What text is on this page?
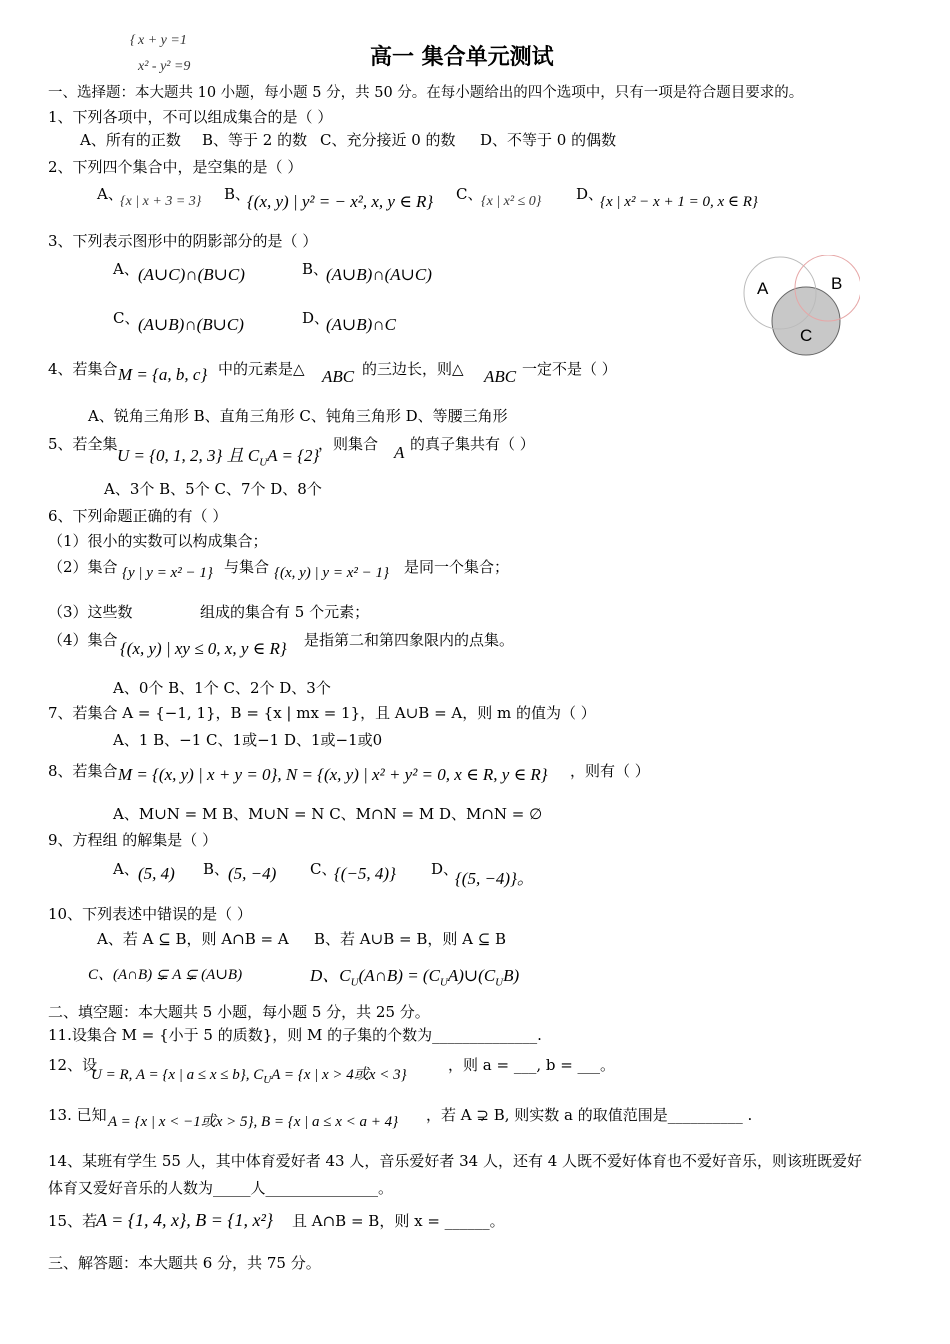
{ x + y =1
x² - y² =9	高一 集合单元测试
一、选择题：本大题共 10 小题，每小题 5 分，共 50 分。在每小题给出的四个选项中，只有一项是符合题目要求的。
1、下列各项中，不可以组成集合的是（ ）
A、所有的正数 B、等于 2 的数 C、充分接近 0 的数 D、不等于 0 的偶数
2、下列四个集合中，是空集的是（ ）
A、
{x | x + 3 = 3} B、
{(x, y) | y² = − x², x, y ∈ R} C、
{x | x² ≤ 0} D、
{x | x² − x + 1 = 0, x ∈ R}
3、下列表示图形中的阴影部分的是（ ）
A、 (A∪C)∩(B∪C)	B、
(A∪B)∩(A∪C)
C、
(A∪B)∩(B∪C)	D、
(A∪B)∩C
A	B
C
4、若集合 M = {a, b, c} 中的元素是△ ABC 的三边长，则△ ABC 一定不是（ ）
A、锐角三角形 B、直角三角形 C、钝角三角形 D、等腰三角形
5、若全集
U = {0, 1, 2, 3} 且 $C_UA = \{2\}$
，则集合 A 的真子集共有（ ）
A、3个 B、5个 C、7个 D、8个
6、下列命题正确的有（ ）
（1）很小的实数可以构成集合；
（2）集合 {y | y = x² − 1} 与集合 {(x, y) | y = x² − 1} 是同一个集合；
（3）这些数	组成的集合有 5 个元素；
（4）集合 {(x, y) | xy ≤ 0, x, y ∈ R} 是指第二和第四象限内的点集。
A、0个 B、1个 C、2个 D、3个
7、若集合 A = {−1, 1}，B = {x | mx = 1}，且 A∪B = A，则 m 的值为（ ）
A、1 B、−1 C、1或−1 D、1或−1或0
8、若集合 M = {(x, y) | x + y = 0}, N = {(x, y) | x² + y² = 0, x ∈ R, y ∈ R} ，则有（ ）
A、M∪N = M B、M∪N = N C、M∩N = M D、M∩N = ∅
9、方程组 的解集是（ ）
A、 (5, 4) B、
(5, −4) C、
{(−5, 4)} D、
{(5, −4)}。
10、下列表述中错误的是（ ）
A、若 A ⊆ B，则 A∩B = A B、若 A∪B = B，则 A ⊆ B
C、(A∩B) ⊊ A ⊊ (A∪B)	D、$C_U(A\cap B)$ = $(C_UA)\cup(C_UB)$
二、填空题：本大题共 5 小题，每小题 5 分，共 25 分。
11.设集合 M = {小于 5 的质数}，则 M 的子集的个数为______________.
12、设
U = R, A = {x | a ≤ x ≤ b}, $C_UA = \{x$ | x > 4或x < 3}
，则 a = ___, b = ___。
13. 已知 A = {x | x < −1或x > 5}, B = {x | a ≤ x < a + 4} ，若 A ⊋ B, 则实数 a 的取值范围是__________ .
14、某班有学生 55 人，其中体育爱好者 43 人，音乐爱好者 34 人，还有 4 人既不爱好体育也不爱好音乐，则该班既爱好
体育又爱好音乐的人数为_____人_______________。
15、若
A = {1, 4, x}, B = {1, x²} 且 A∩B = B，则 x = ______。
三、解答题：本大题共 6 分，共 75 分。
